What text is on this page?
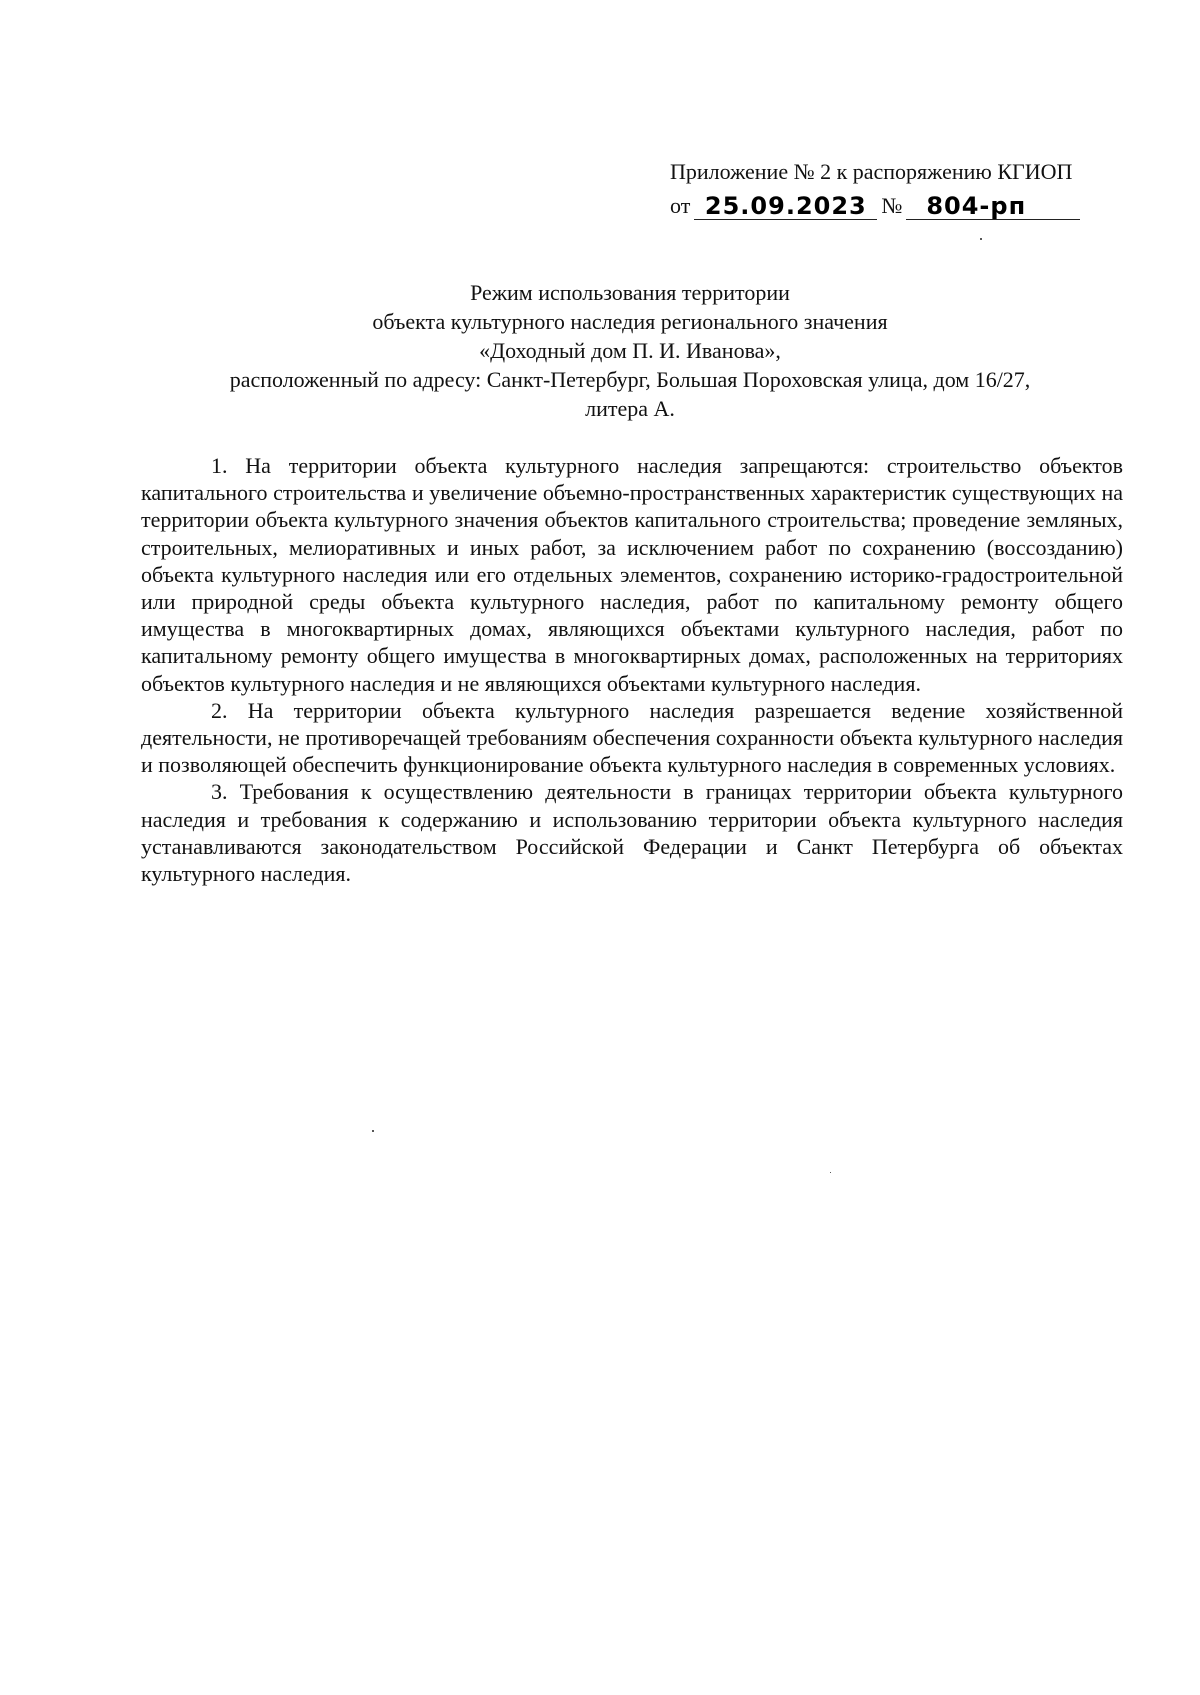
Приложение № 2 к распоряжению КГИОП
от 25.09.2023 №	804-рп
Режим использования территории
объекта культурного наследия регионального значения
«Доходный дом П. И. Иванова»,
расположенный по адресу: Санкт-Петербург, Большая Пороховская улица, дом 16/27,
литера А.

1. На территории объекта культурного наследия запрещаются: строительство объектов капитального строительства и увеличение объемно-пространственных характеристик существующих на территории объекта культурного значения объектов капитального строительства; проведение земляных, строительных, мелиоративных и иных работ, за исключением работ по сохранению (воссозданию) объекта культурного наследия или его отдельных элементов, сохранению историко-градостроительной или природной среды объекта культурного наследия, работ по капитальному ремонту общего имущества в многоквартирных домах, являющихся объектами культурного наследия, работ по капитальному ремонту общего имущества в многоквартирных домах, расположенных на территориях объектов культурного наследия и не являющихся объектами культурного наследия.

2. На территории объекта культурного наследия разрешается ведение хозяйственной деятельности, не противоречащей требованиям обеспечения сохранности объекта культурного наследия и позволяющей обеспечить функционирование объекта культурного наследия в современных условиях.

3. Требования к осуществлению деятельности в границах территории объекта культурного наследия и требования к содержанию и использованию территории объекта культурного наследия устанавливаются законодательством Российской Федерации и Санкт Петербурга об объектах культурного наследия.
